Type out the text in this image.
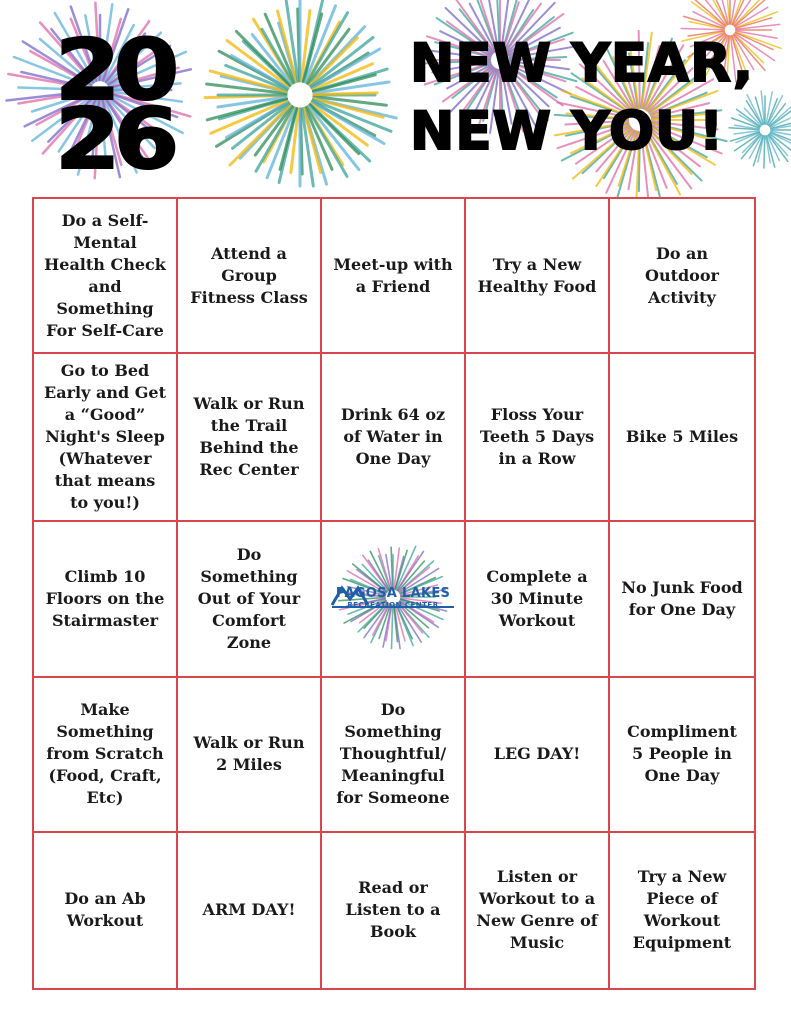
20
26
NEW YEAR,
NEW YOU!
Do a Self-Mental Health Check and Something For Self-Care
Attend a Group Fitness Class
Meet-up with a Friend
Try a New Healthy Food
Do an Outdoor Activity
Go to Bed Early and Get a “Good” Night's Sleep (Whatever that means to you!)
Walk or Run the Trail Behind the Rec Center
Drink 64 oz of Water in One Day
Floss Your Teeth 5 Days in a Row
Bike 5 Miles
Climb 10 Floors on the Stairmaster
Do Something Out of Your Comfort Zone
PAGOSA LAKES
RECREATION CENTER
Complete a 30 Minute Workout
No Junk Food for One Day
Make Something from Scratch (Food, Craft, Etc)
Walk or Run 2 Miles
Do Something Thoughtful/ Meaningful for Someone
LEG DAY!
Compliment 5 People in One Day
Do an Ab Workout
ARM DAY!
Read or Listen to a Book
Listen or Workout to a New Genre of Music
Try a New Piece of Workout Equipment
